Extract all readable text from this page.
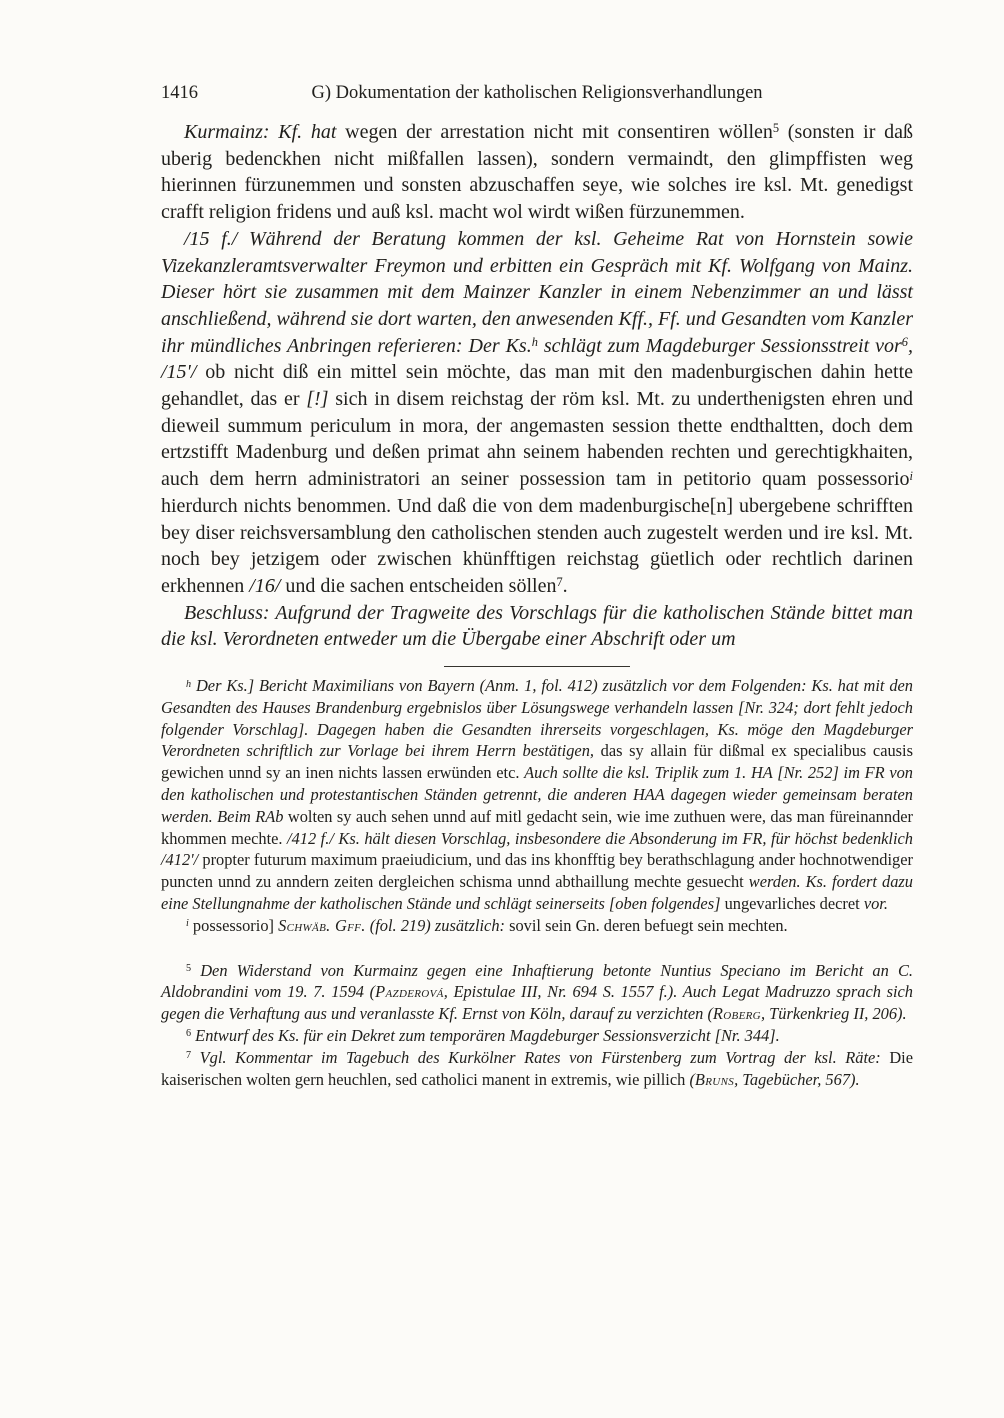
1416	G) Dokumentation der katholischen Religionsverhandlungen

Kurmainz: Kf. hat wegen der arrestation nicht mit consentiren wöllen$^5$ (sonsten ir daß uberig bedenckhen nicht mißfallen lassen), sondern vermaindt, den glimpffisten weg hierinnen fürzunemmen und sonsten abzuschaffen seye, wie solches ire ksl. Mt. genedigst crafft religion fridens und auß ksl. macht wol wirdt wißen fürzunemmen.

/15 f./ Während der Beratung kommen der ksl. Geheime Rat von Hornstein sowie Vizekanzleramtsverwalter Freymon und erbitten ein Gespräch mit Kf. Wolfgang von Mainz. Dieser hört sie zusammen mit dem Mainzer Kanzler in einem Nebenzimmer an und lässt anschließend, während sie dort warten, den anwesenden Kff., Ff. und Gesandten vom Kanzler ihr mündliches Anbringen referieren: Der Ks.$^h$ schlägt zum Magdeburger Sessionsstreit vor$^6$, /15'/ ob nicht diß ein mittel sein möchte, das man mit den madenburgischen dahin hette gehandlet, das er [!] sich in disem reichstag der röm ksl. Mt. zu underthenigsten ehren und dieweil summum periculum in mora, der angemasten session thette endthaltten, doch dem ertzstifft Madenburg und deßen primat ahn seinem habenden rechten und gerechtigkhaiten, auch dem herrn administratori an seiner possession tam in petitorio quam possessorio$^i$ hierdurch nichts benommen. Und daß die von dem madenburgische[n] ubergebene schrifften bey diser reichsversamblung den catholischen stenden auch zugestelt werden und ire ksl. Mt. noch bey jetzigem oder zwischen khünfftigen reichstag güetlich oder rechtlich darinen erkhennen /16/ und die sachen entscheiden söllen$^7$.

Beschluss: Aufgrund der Tragweite des Vorschlags für die katholischen Stände bittet man die ksl. Verordneten entweder um die Übergabe einer Abschrift oder um

$^h$ Der Ks.] Bericht Maximilians von Bayern (Anm. 1, fol. 412) zusätzlich vor dem Folgenden: Ks. hat mit den Gesandten des Hauses Brandenburg ergebnislos über Lösungswege verhandeln lassen [Nr. 324; dort fehlt jedoch folgender Vorschlag]. Dagegen haben die Gesandten ihrerseits vorgeschlagen, Ks. möge den Magdeburger Verordneten schriftlich zur Vorlage bei ihrem Herrn bestätigen, das sy allain für dißmal ex specialibus causis gewichen unnd sy an inen nichts lassen erwünden etc. Auch sollte die ksl. Triplik zum 1. HA [Nr. 252] im FR von den katholischen und protestantischen Ständen getrennt, die anderen HAA dagegen wieder gemeinsam beraten werden. Beim RAb wolten sy auch sehen unnd auf mitl gedacht sein, wie ime zuthuen were, das man füreinannder khommen mechte. /412 f./ Ks. hält diesen Vorschlag, insbesondere die Absonderung im FR, für höchst bedenklich /412'/ propter futurum maximum praeiudicium, und das ins khonfftig bey berathschlagung ander hochnotwendiger puncten unnd zu anndern zeiten dergleichen schisma unnd abthaillung mechte gesuecht werden. Ks. fordert dazu eine Stellungnahme der katholischen Stände und schlägt seinerseits [oben folgendes] ungevarliches decret vor.

$^i$ possessorio] Schwäb. Gff. (fol. 219) zusätzlich: sovil sein Gn. deren befuegt sein mechten.

$^5$ Den Widerstand von Kurmainz gegen eine Inhaftierung betonte Nuntius Speciano im Bericht an C. Aldobrandini vom 19. 7. 1594 (Pazderová, Epistulae III, Nr. 694 S. 1557 f.). Auch Legat Madruzzo sprach sich gegen die Verhaftung aus und veranlasste Kf. Ernst von Köln, darauf zu verzichten (Roberg, Türkenkrieg II, 206).

$^6$ Entwurf des Ks. für ein Dekret zum temporären Magdeburger Sessionsverzicht [Nr. 344].

$^7$ Vgl. Kommentar im Tagebuch des Kurkölner Rates von Fürstenberg zum Vortrag der ksl. Räte: Die kaiserischen wolten gern heuchlen, sed catholici manent in extremis, wie pillich (Bruns, Tagebücher, 567).
